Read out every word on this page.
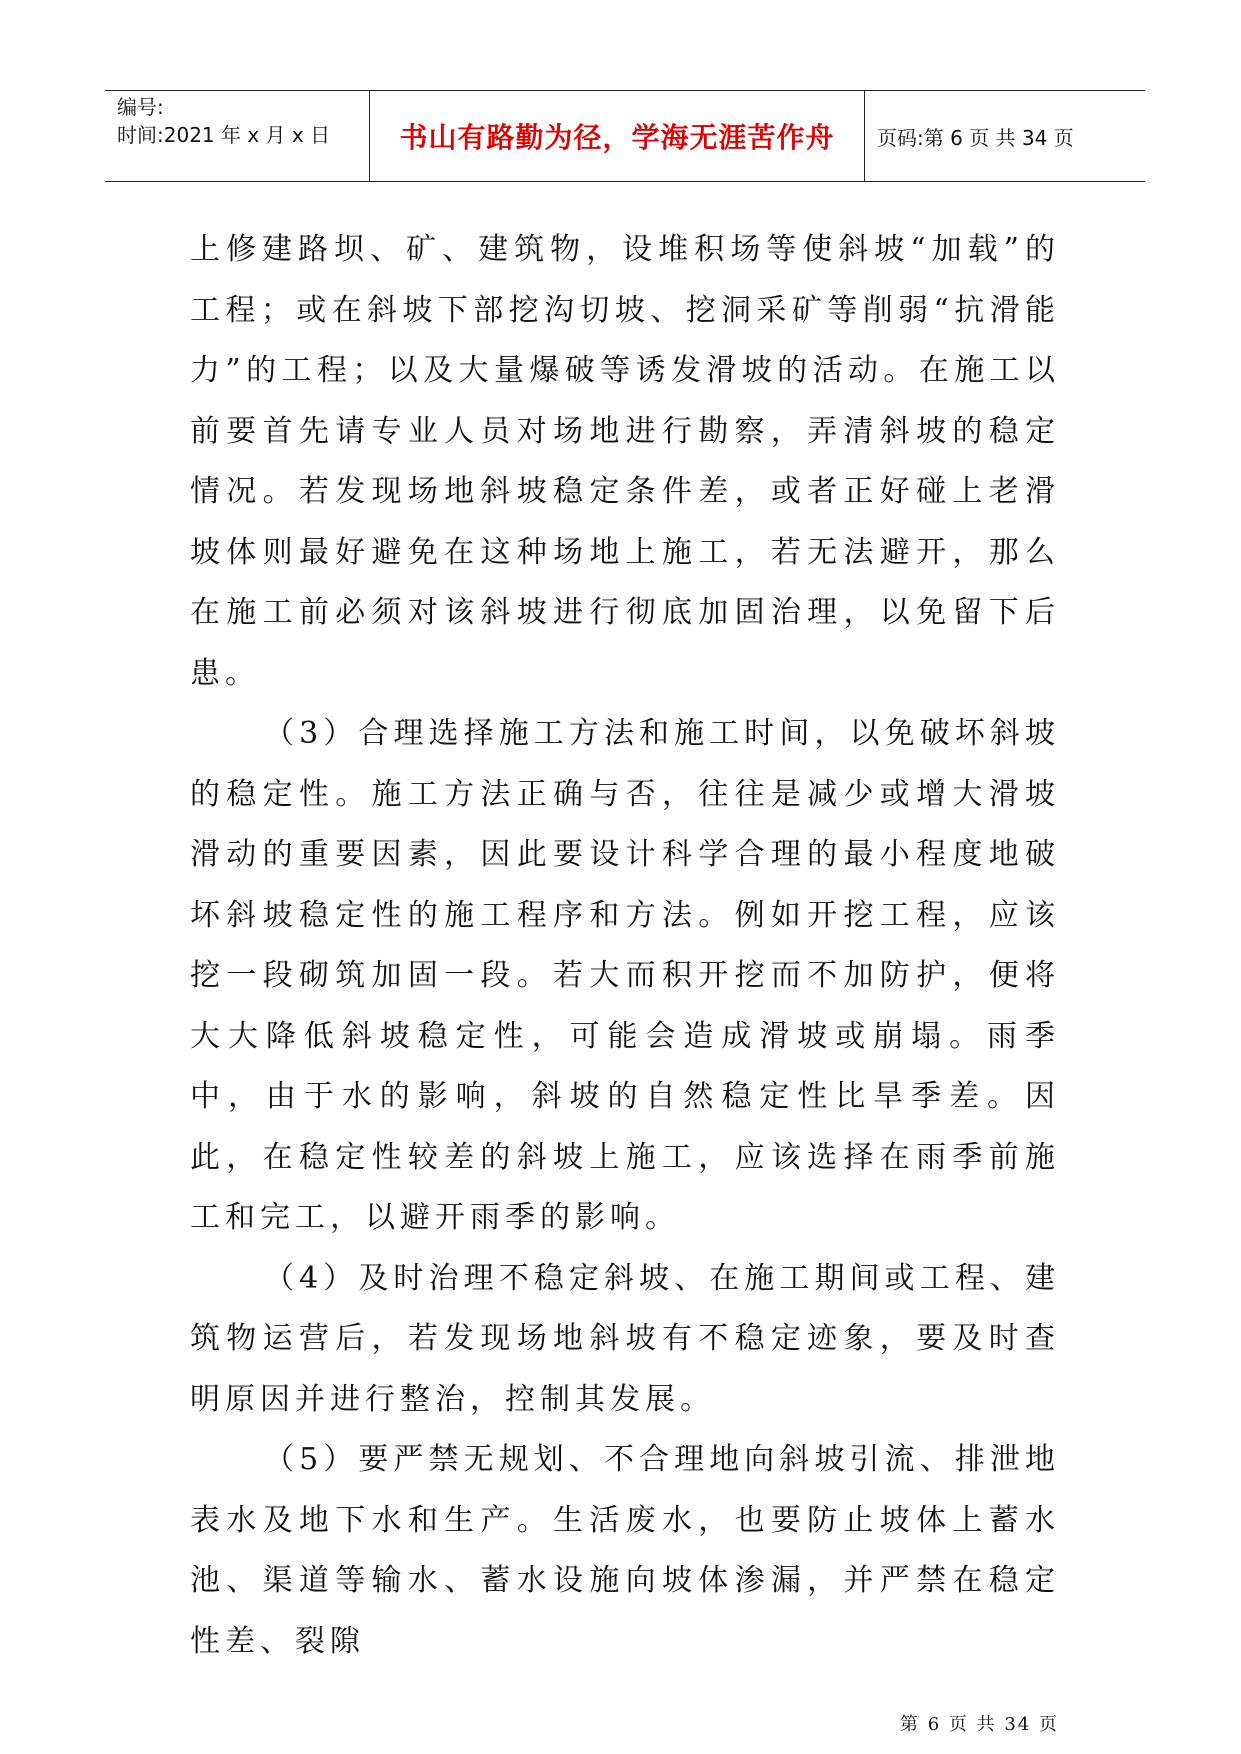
编号:
时间:2021 年 x 月 x 日	书山有路勤为径，学海无涯苦作舟 页码: 第 6 页 共 34 页

上修建路坝、矿、建筑物，设堆积场等使斜坡“加载”的工程；或在斜坡下部挖沟切坡、挖洞采矿等削弱“抗滑能力”的工程；以及大量爆破等诱发滑坡的活动。在施工以前要首先请专业人员对场地进行勘察，弄清斜坡的稳定情况。若发现场地斜坡稳定条件差，或者正好碰上老滑坡体则最好避免在这种场地上施工，若无法避开，那么在施工前必须对该斜坡进行彻底加固治理，以免留下后患。

（3）合理选择施工方法和施工时间，以免破坏斜坡的稳定性。施工方法正确与否，往往是减少或增大滑坡滑动的重要因素，因此要设计科学合理的最小程度地破坏斜坡稳定性的施工程序和方法。例如开挖工程，应该挖一段砌筑加固一段。若大而积开挖而不加防护，便将大大降低斜坡稳定性，可能会造成滑坡或崩塌。雨季中，由于水的影响，斜坡的自然稳定性比旱季差。因此，在稳定性较差的斜坡上施工，应该选择在雨季前施工和完工，以避开雨季的影响。

（4）及时治理不稳定斜坡、在施工期间或工程、建筑物运营后，若发现场地斜坡有不稳定迹象，要及时查明原因并进行整治，控制其发展。

（5）要严禁无规划、不合理地向斜坡引流、排泄地表水及地下水和生产。生活废水，也要防止坡体上蓄水池、渠道等输水、蓄水设施向坡体渗漏，并严禁在稳定性差、裂隙

第 6 页 共 34 页
